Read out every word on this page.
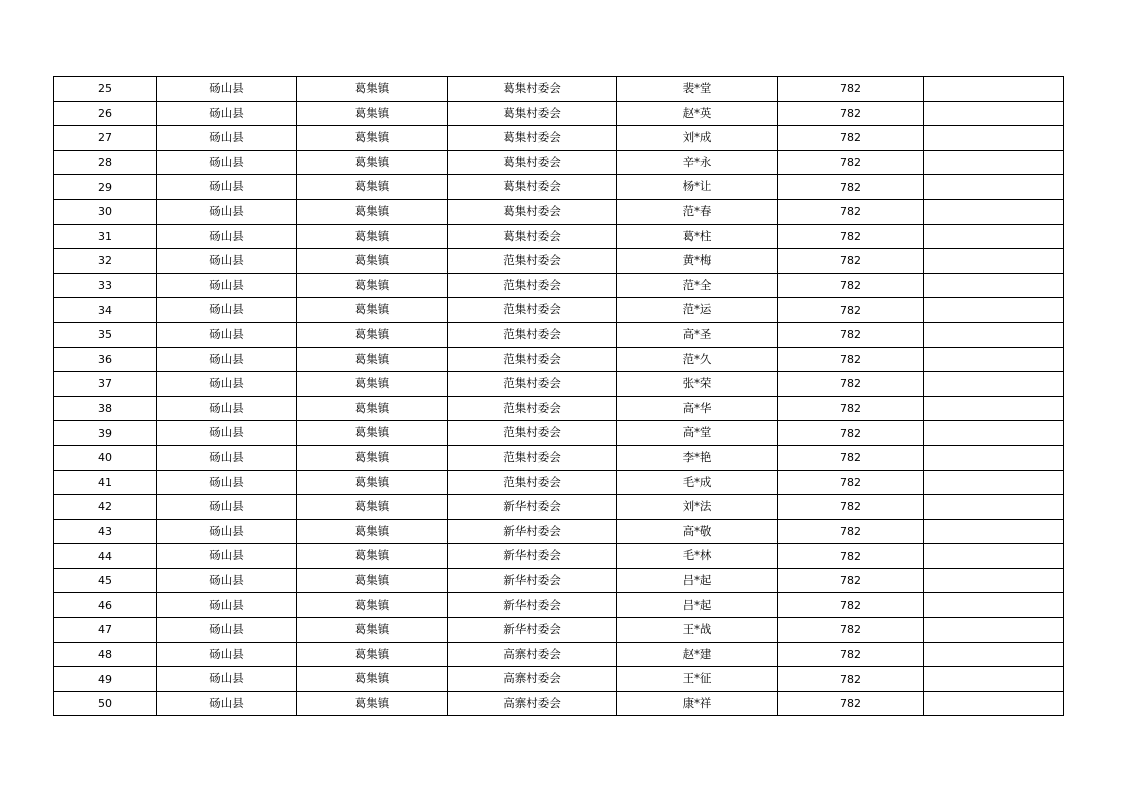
25	砀山县	葛集镇	葛集村委会	裴*堂	782	
26	砀山县	葛集镇	葛集村委会	赵*英	782	
27	砀山县	葛集镇	葛集村委会	刘*成	782	
28	砀山县	葛集镇	葛集村委会	辛*永	782	
29	砀山县	葛集镇	葛集村委会	杨*让	782	
30	砀山县	葛集镇	葛集村委会	范*春	782	
31	砀山县	葛集镇	葛集村委会	葛*柱	782	
32	砀山县	葛集镇	范集村委会	黄*梅	782	
33	砀山县	葛集镇	范集村委会	范*全	782	
34	砀山县	葛集镇	范集村委会	范*运	782	
35	砀山县	葛集镇	范集村委会	高*圣	782	
36	砀山县	葛集镇	范集村委会	范*久	782	
37	砀山县	葛集镇	范集村委会	张*荣	782	
38	砀山县	葛集镇	范集村委会	高*华	782	
39	砀山县	葛集镇	范集村委会	高*堂	782	
40	砀山县	葛集镇	范集村委会	李*艳	782	
41	砀山县	葛集镇	范集村委会	毛*成	782	
42	砀山县	葛集镇	新华村委会	刘*法	782	
43	砀山县	葛集镇	新华村委会	高*敬	782	
44	砀山县	葛集镇	新华村委会	毛*林	782	
45	砀山县	葛集镇	新华村委会	吕*起	782	
46	砀山县	葛集镇	新华村委会	吕*起	782	
47	砀山县	葛集镇	新华村委会	王*战	782	
48	砀山县	葛集镇	高寨村委会	赵*建	782	
49	砀山县	葛集镇	高寨村委会	王*征	782	
50	砀山县	葛集镇	高寨村委会	康*祥	782	
